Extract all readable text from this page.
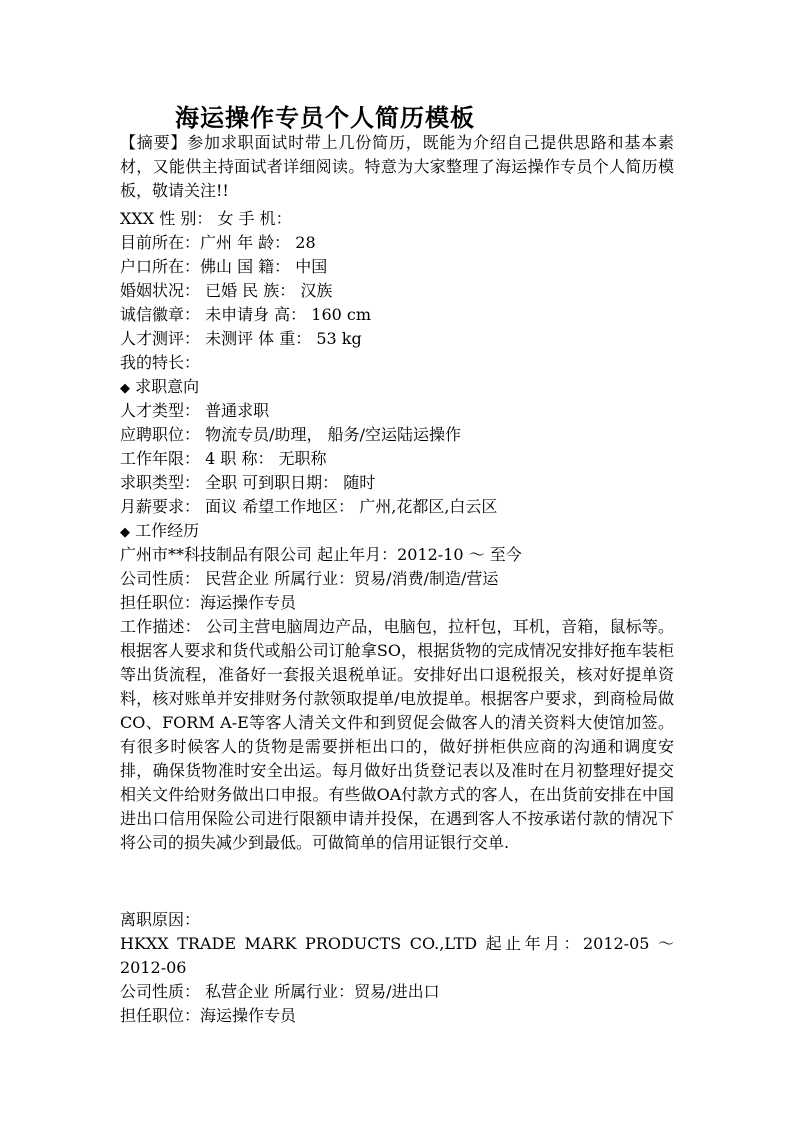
海运操作专员个人简历模板
【摘要】参加求职面试时带上几份简历，既能为介绍自己提供思路和基本素材，又能供主持面试者详细阅读。特意为大家整理了海运操作专员个人简历模板，敬请关注!!
XXX 性 别： 女 手 机：
目前所在：广州 年 龄： 28
户口所在：佛山 国 籍： 中国
婚姻状况： 已婚 民 族： 汉族
诚信徽章： 未申请身 高： 160 cm
人才测评： 未测评 体 重： 53 kg
我的特长：
◆ 求职意向
人才类型： 普通求职
应聘职位： 物流专员/助理， 船务/空运陆运操作
工作年限： 4 职 称： 无职称
求职类型： 全职 可到职日期： 随时
月薪要求： 面议 希望工作地区： 广州,花都区,白云区
◆ 工作经历
广州市**科技制品有限公司 起止年月：2012-10 ～ 至今
公司性质： 民营企业 所属行业：贸易/消费/制造/营运
担任职位：海运操作专员
工作描述： 公司主营电脑周边产品，电脑包，拉杆包，耳机，音箱，鼠标等。根据客人要求和货代或船公司订舱拿SO，根据货物的完成情况安排好拖车装柜等出货流程，准备好一套报关退税单证。安排好出口退税报关，核对好提单资料，核对账单并安排财务付款领取提单/电放提单。根据客户要求，到商检局做CO、FORM A-E等客人清关文件和到贸促会做客人的清关资料大使馆加签。有很多时候客人的货物是需要拼柜出口的，做好拼柜供应商的沟通和调度安排，确保货物准时安全出运。每月做好出货登记表以及准时在月初整理好提交相关文件给财务做出口申报。有些做OA付款方式的客人，在出货前安排在中国进出口信用保险公司进行限额申请并投保，在遇到客人不按承诺付款的情况下将公司的损失减少到最低。可做简单的信用证银行交单.
离职原因：
HKXX TRADE MARK PRODUCTS CO.,LTD 起止年月：2012-05 ～ 2012-06
公司性质： 私营企业 所属行业：贸易/进出口
担任职位：海运操作专员
